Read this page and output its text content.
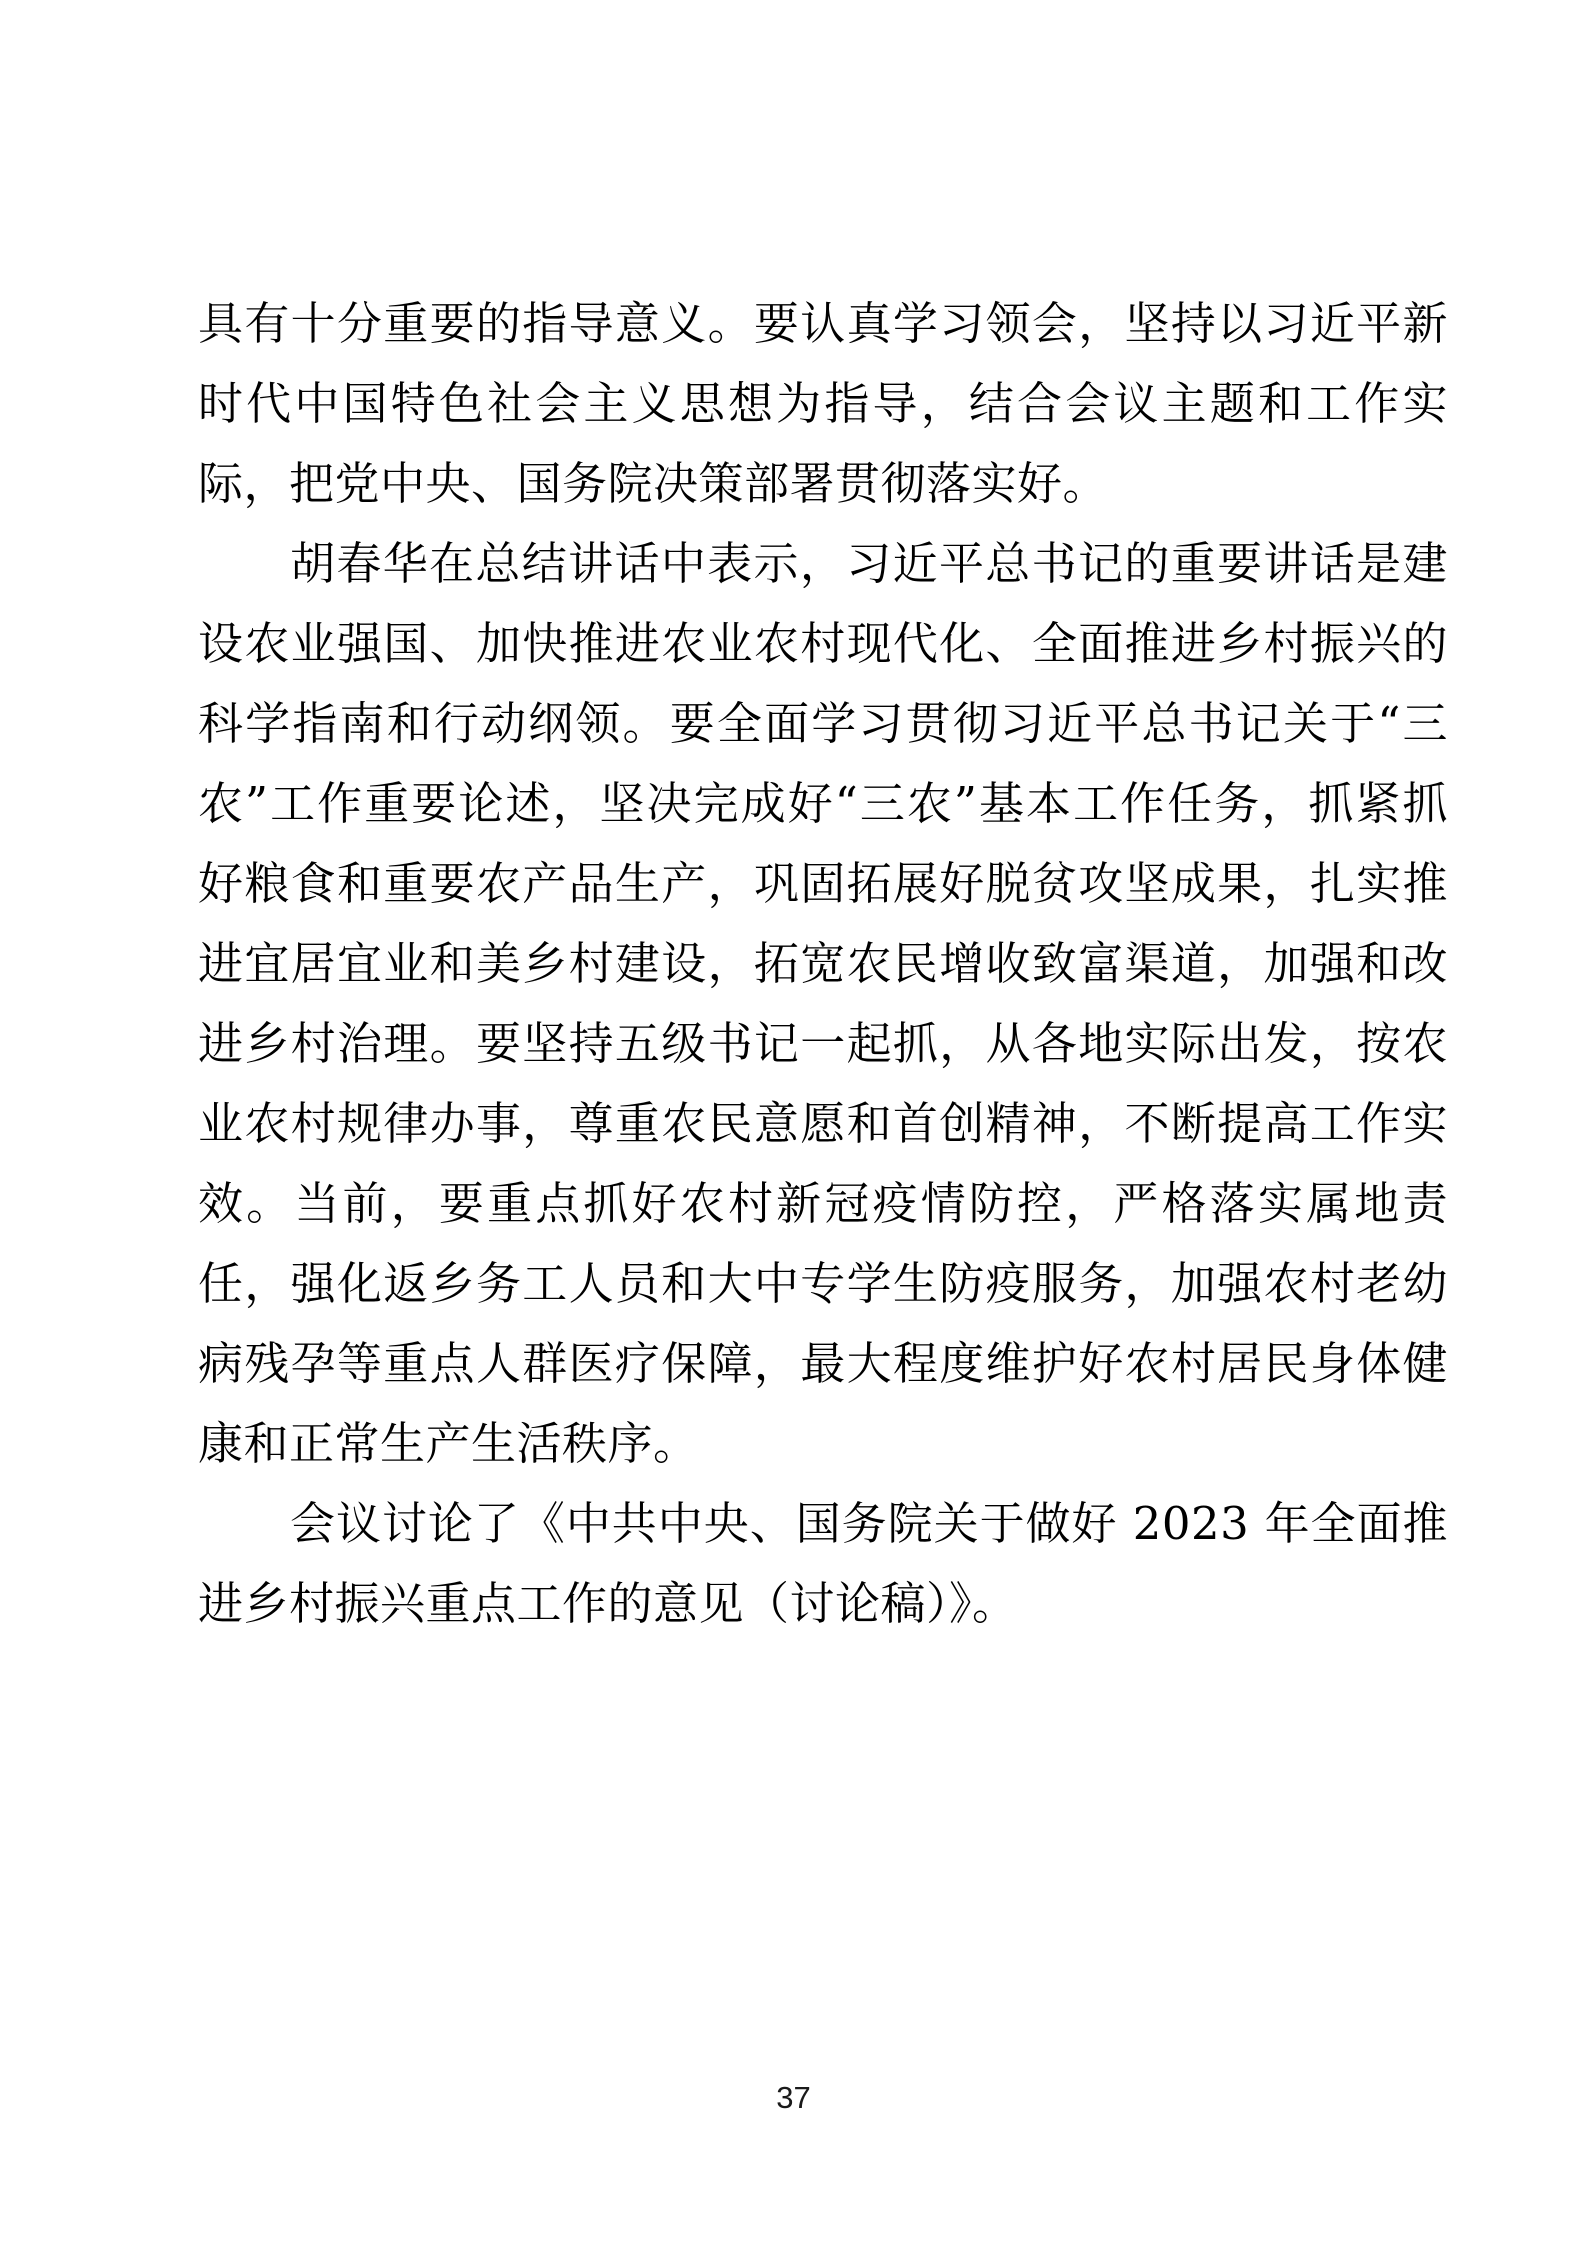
具有十分重要的指导意义。要认真学习领会，坚持以习近平新时代中国特色社会主义思想为指导，结合会议主题和工作实际，把党中央、国务院决策部署贯彻落实好。

胡春华在总结讲话中表示，习近平总书记的重要讲话是建设农业强国、加快推进农业农村现代化、全面推进乡村振兴的科学指南和行动纲领。要全面学习贯彻习近平总书记关于“三农”工作重要论述，坚决完成好“三农”基本工作任务，抓紧抓好粮食和重要农产品生产，巩固拓展好脱贫攻坚成果，扎实推进宜居宜业和美乡村建设，拓宽农民增收致富渠道，加强和改进乡村治理。要坚持五级书记一起抓，从各地实际出发，按农业农村规律办事，尊重农民意愿和首创精神，不断提高工作实效。当前，要重点抓好农村新冠疫情防控，严格落实属地责任，强化返乡务工人员和大中专学生防疫服务，加强农村老幼病残孕等重点人群医疗保障，最大程度维护好农村居民身体健康和正常生产生活秩序。

会议讨论了《中共中央、国务院关于做好 2023 年全面推进乡村振兴重点工作的意见（讨论稿）》。

37
